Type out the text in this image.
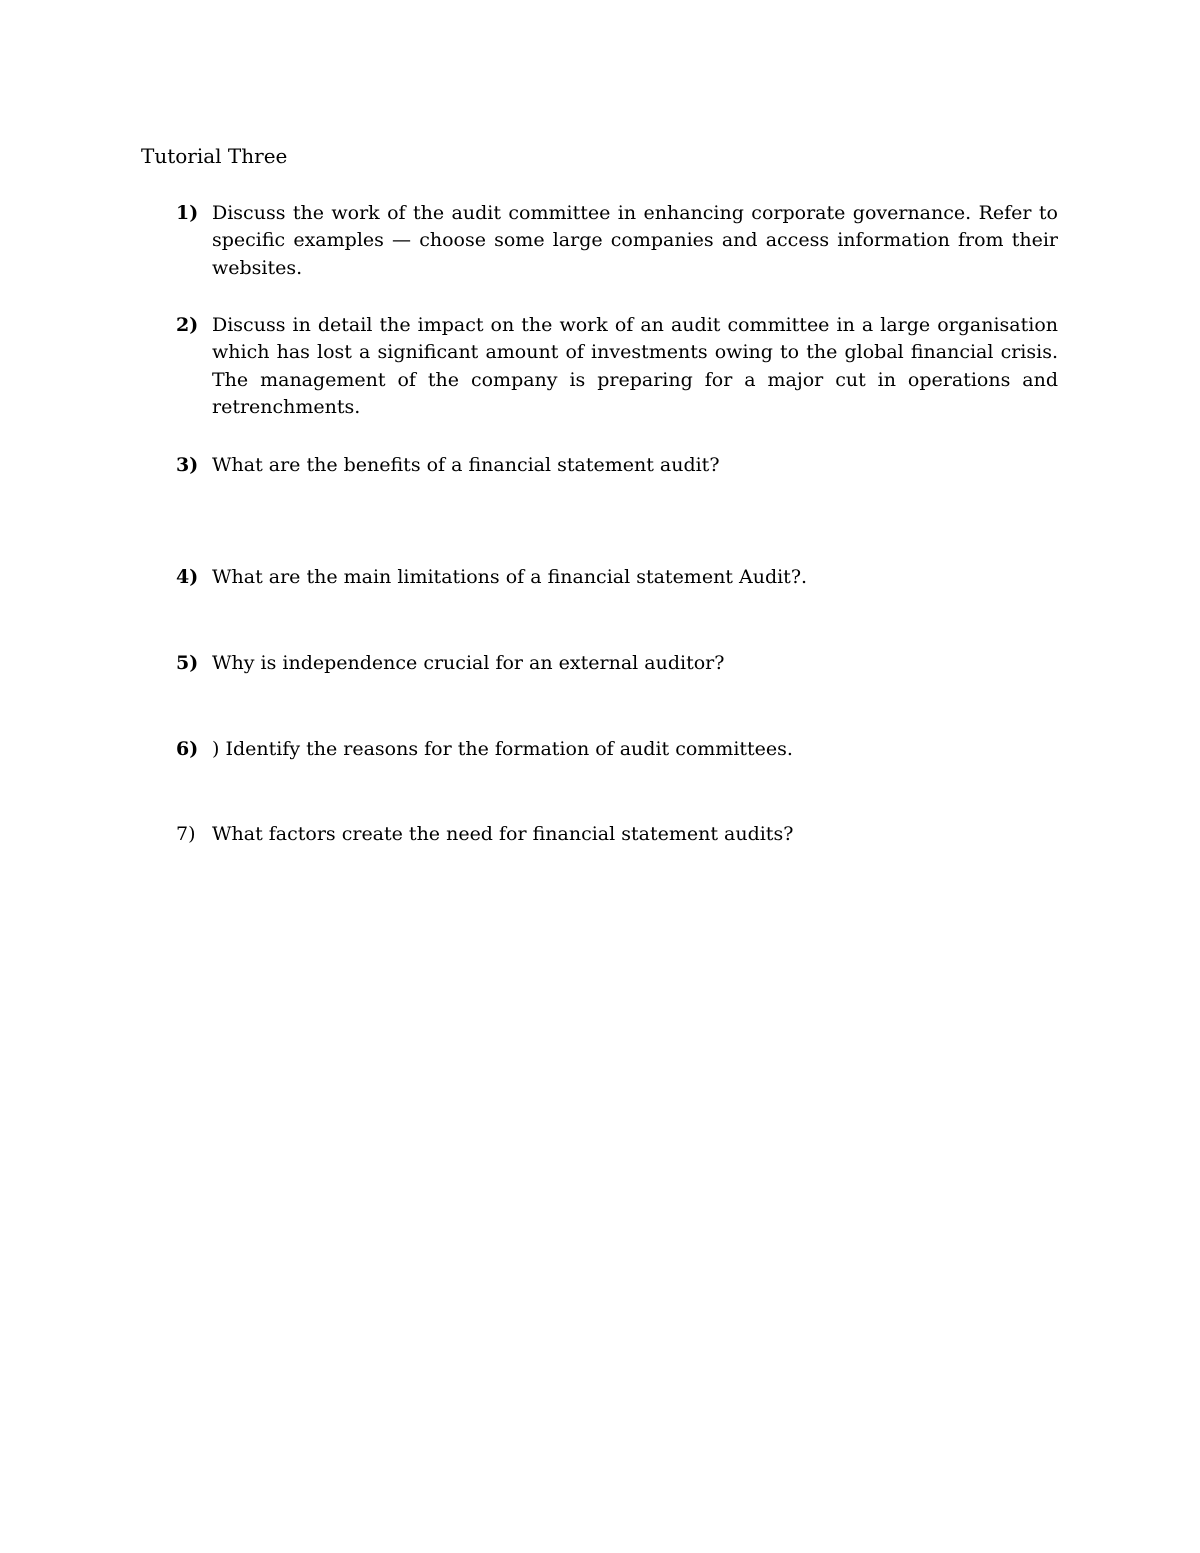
Tutorial Three
1) Discuss the work of the audit committee in enhancing corporate governance. Refer to specific examples — choose some large companies and access information from their websites.
2) Discuss in detail the impact on the work of an audit committee in a large organisation which has lost a significant amount of investments owing to the global financial crisis. The management of the company is preparing for a major cut in operations and retrenchments.
3) What are the benefits of a financial statement audit?
4) What are the main limitations of a financial statement Audit?.
5) Why is independence crucial for an external auditor?
6) ) Identify the reasons for the formation of audit committees.
7) What factors create the need for financial statement audits?
